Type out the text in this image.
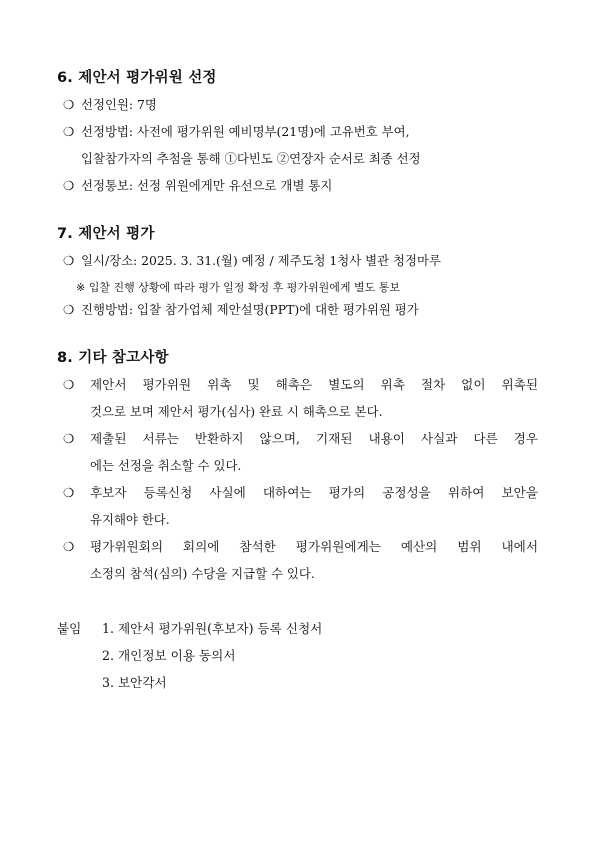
6. 제안서 평가위원 선정
❍ 선정인원: 7명
❍ 선정방법: 사전에 평가위원 예비명부(21명)에 고유번호 부여,
입찰참가자의 추첨을 통해 ①다빈도 ②연장자 순서로 최종 선정
❍ 선정통보: 선정 위원에게만 유선으로 개별 통지
7. 제안서 평가
❍ 일시/장소: 2025. 3. 31.(월) 예정 / 제주도청 1청사 별관 청정마루
※ 입찰 진행 상황에 따라 평가 일정 확정 후 평가위원에게 별도 통보
❍ 진행방법: 입찰 참가업체 제안설명(PPT)에 대한 평가위원 평가
8. 기타 참고사항
❍ 제안서 평가위원 위촉 및 해촉은 별도의 위촉 절차 없이 위촉된
것으로 보며 제안서 평가(심사) 완료 시 해촉으로 본다.
❍ 제출된 서류는 반환하지 않으며, 기재된 내용이 사실과 다른 경우
에는 선정을 취소할 수 있다.
❍ 후보자 등록신청 사실에 대하여는 평가의 공정성을 위하여 보안을
유지해야 한다.
❍ 평가위원회의 회의에 참석한 평가위원에게는 예산의 범위 내에서
소정의 참석(심의) 수당을 지급할 수 있다.
붙임 1. 제안서 평가위원(후보자) 등록 신청서
2. 개인정보 이용 동의서
3. 보안각서
